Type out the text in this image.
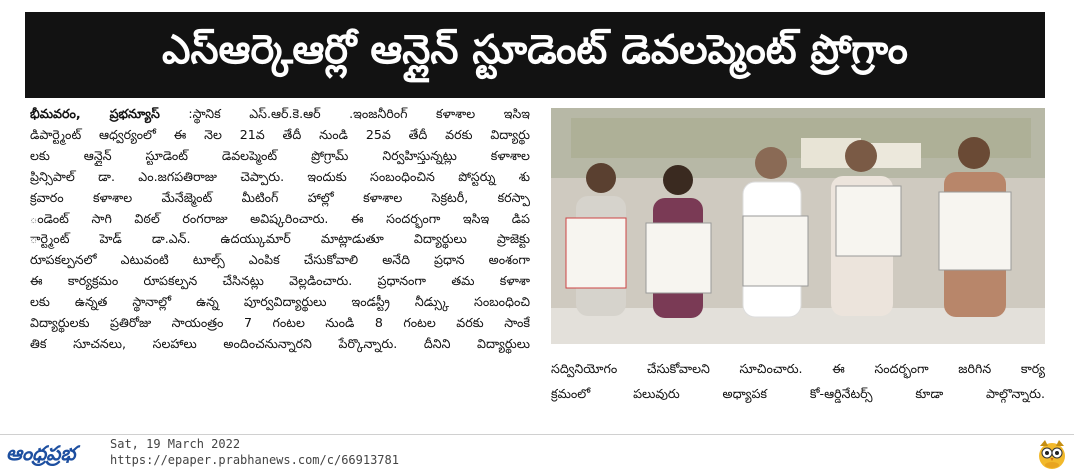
ఎస్ఆర్కెఆర్లో ఆన్లైన్ స్టూడెంట్ డెవలప్మెంట్ ప్రోగ్రాం
భీమవరం, ప్రభన్యూస్ :స్థానిక ఎస్.ఆర్.కె.ఆర్ .ఇంజనీరింగ్ కళాశాల ఇసిఇ
డిపార్ట్మెంట్ ఆధ్వర్యంలో ఈ నెల 21వ తేదీ నుండి 25వ తేదీ వరకు విద్యార్థు
లకు ఆన్లైన్ స్టూడెంట్ డెవలప్మెంట్ ప్రోగ్రామ్ నిర్వహిస్తున్నట్లు కళాశాల
ప్రిన్సిపాల్ డా. ఎం.జగపతిరాజు చెప్పారు. ఇందుకు సంబంధించిన పోస్టర్ను శు
క్రవారం కళాశాల మేనేజ్మెంట్ మీటింగ్ హాల్లో కళాశాల సెక్రటరీ, కరస్పా
ండెంట్ సాగి విఠల్ రంగరాజు అవిష్కరించారు. ఈ సందర్భంగా ఇసిఇ డిప
ార్ట్మెంట్ హెడ్ డా.ఎన్. ఉదయ్కుమార్ మాట్లాడుతూ విద్యార్థులు ప్రాజెక్టు
రూపకల్పనలో ఎటువంటి టూల్స్ ఎంపిక చేసుకోవాలి అనేది ప్రధాన అంశంగా
ఈ కార్యక్రమం రూపకల్పన చేసినట్లు వెల్లడించారు. ప్రధానంగా తమ కళాశా
లకు ఉన్నత స్థానాల్లో ఉన్న పూర్వవిద్యార్థులు ఇండస్ట్రీ నీడ్స్కు సంబంధించి
విద్యార్థులకు ప్రతిరోజు సాయంత్రం 7 గంటల నుండి 8 గంటల వరకు సాంకే
తిక సూచనలు, సలహాలు అందించనున్నారని పేర్కొన్నారు. దీనిని విద్యార్థులు
సద్వినియోగం చేసుకోవాలని సూచించారు. ఈ సందర్భంగా జరిగిన కార్య
క్రమంలో పలువురు అధ్యాపక కో-ఆర్డినేటర్స్ కూడా పాల్గొన్నారు.
ఆంధ్రప్రభ	Sat, 19 March 2022
https://epaper.prabhanews.com/c/66913781
